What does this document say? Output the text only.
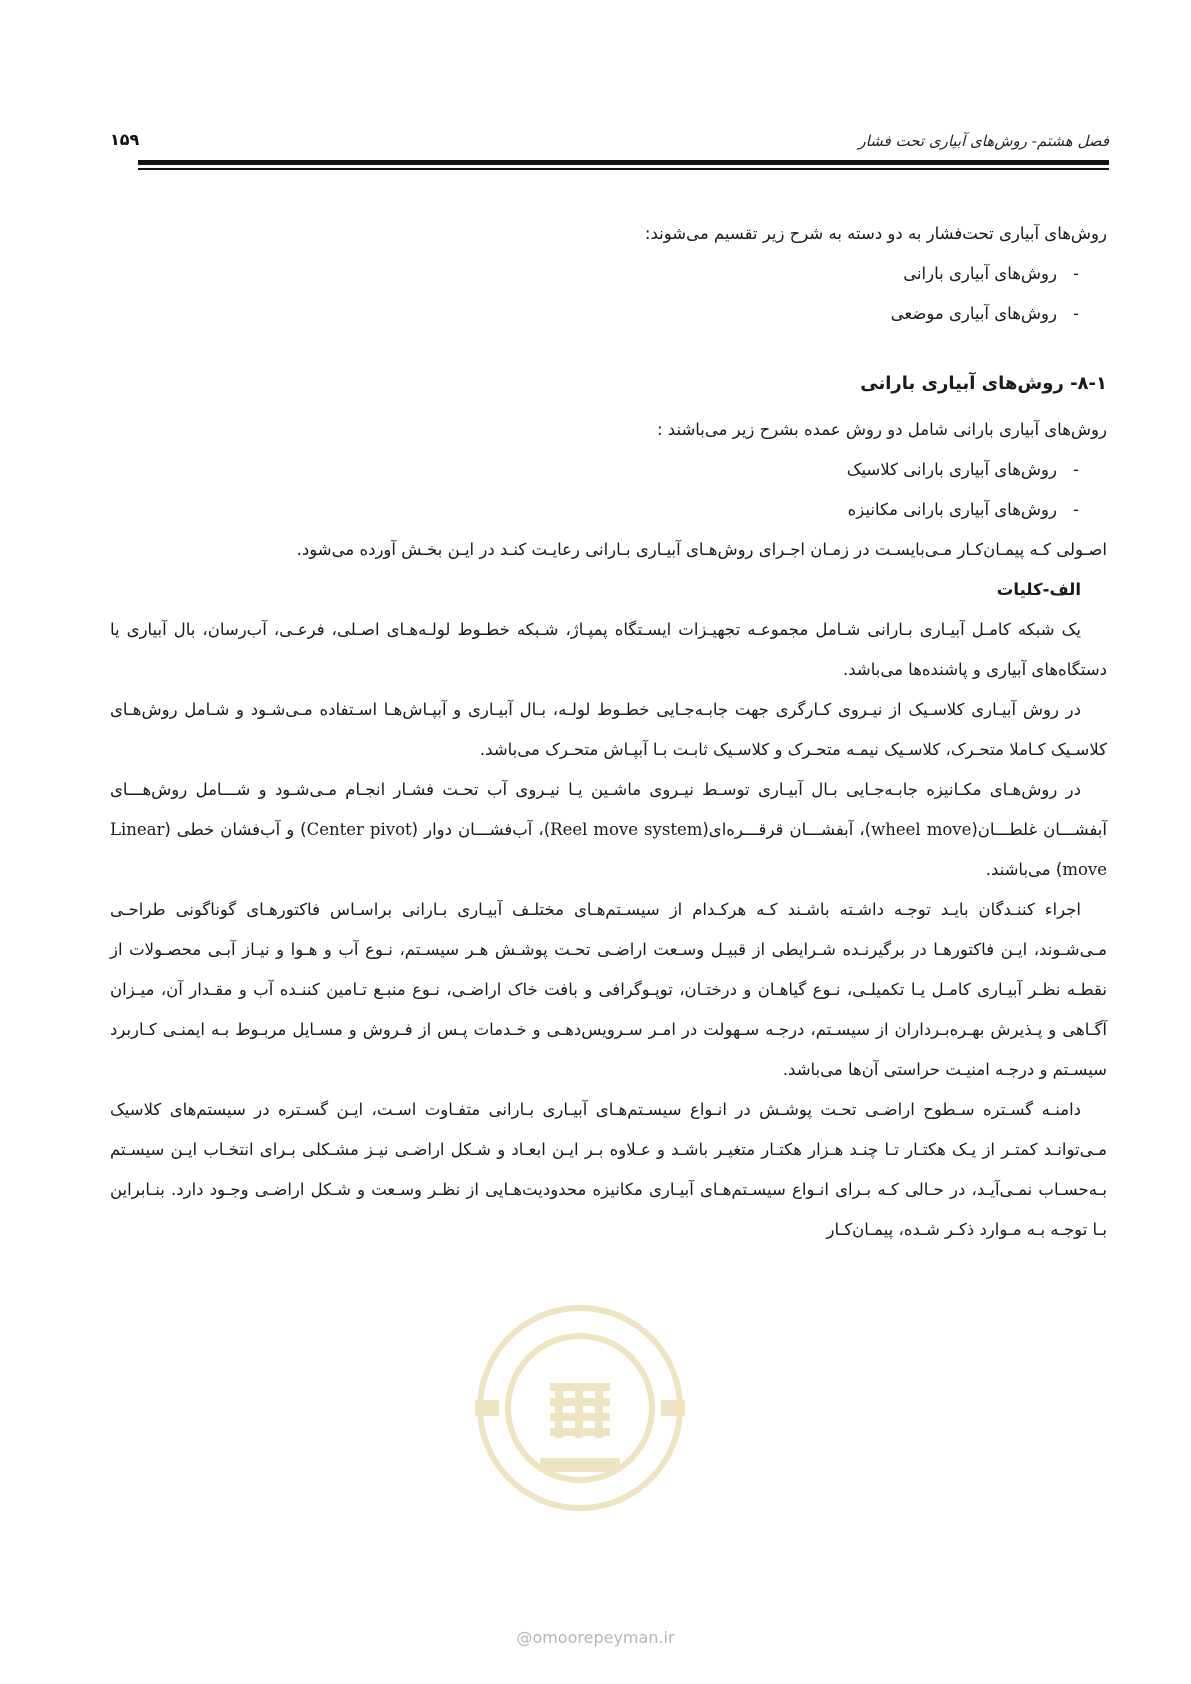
فصل هشتم- روش‌های آبیاری تحت فشار
۱۵۹

روش‌های آبیاری تحت‌فشار به دو دسته به شرح زیر تقسیم می‌شوند:

-روش‌های آبیاری بارانی

-روش‌های آبیاری موضعی

۸-۱- روش‌های آبیاری بارانی

روش‌های آبیاری بارانی شامل دو روش عمده بشرح زیر می‌باشند :

-روش‌های آبیاری بارانی کلاسیک

-روش‌های آبیاری بارانی مکانیزه

اصـولی کـه پیمـان‌کـار مـی‌بایسـت در زمـان اجـرای روش‌هـای آبیـاری بـارانی رعایـت کنـد در ایـن بخـش آورده می‌شود.

الف-کلیات

یک شبکه کامـل آبیـاری بـارانی شـامل مجموعـه تجهیـزات ایسـتگاه پمپـاژ، شـبکه خطـوط لولـه‌هـای اصـلی، فرعـی، آب‌رسان، بال آبیاری یا دستگاه‌های آبیاری و پاشنده‌ها می‌باشد.

در روش آبیـاری کلاسـیک از نیـروی کـارگری جهت جابـه‌جـایی خطـوط لولـه، بـال آبیـاری و آبپـاش‌هـا اسـتفاده مـی‌شـود و شـامل روش‌هـای کلاسـیک کـاملا متحـرک، کلاسـیک نیمـه متحـرک و کلاسـیک ثابـت بـا آبپـاش متحـرک می‌باشد.

در روش‌هـای مکـانیزه جابـه‌جـایی بـال آبیـاری توسـط نیـروی ماشـین یـا نیـروی آب تحـت فشـار انجـام مـی‌شـود و شـــامل روش‌هـــای آبفشـــان غلطـــان(wheel move)، آبفشـــان قرقـــره‌ای(Reel move system)، آب‌فشـــان دوار (Center pivot) و آب‌فشان خطی (Linear move) می‌باشند.

اجراء کننـدگان بایـد توجـه داشـته باشـند کـه هرکـدام از سیسـتم‌هـای مختلـف آبیـاری بـارانی براسـاس فاکتورهـای گوناگونی طراحـی مـی‌شـوند، ایـن فاکتورهـا در برگیرنـده شـرایطی از قبیـل وسـعت اراضـی تحـت پوشـش هـر سیسـتم، نـوع آب و هـوا و نیـاز آبـی محصـولات از نقطـه نظـر آبیـاری کامـل یـا تکمیلـی، نـوع گیاهـان و درختـان، توپـوگرافی و بافت خاک اراضـی، نـوع منبـع تـامین کننـده آب و مقـدار آن، میـزان آگـاهی و پـذیرش بهـره‌بـرداران از سیسـتم، درجـه سـهولت در امـر سـرویس‌دهـی و خـدمات پـس از فـروش و مسـایل مربـوط بـه ایمنـی کـاربرد سیسـتم و درجـه امنیـت حراستی آن‌ها می‌باشد.

دامنـه گسـتره سـطوح اراضـی تحـت پوشـش در انـواع سیسـتم‌هـای آبیـاری بـارانی متفـاوت اسـت، ایـن گسـتره در سیستم‌های کلاسیک مـی‌توانـد کمتـر از یـک هکتـار تـا چنـد هـزار هکتـار متغیـر باشـد و عـلاوه بـر ایـن ابعـاد و شـکل اراضـی نیـز مشـکلی بـرای انتخـاب ایـن سیسـتم بـه‌حسـاب نمـی‌آیـد، در حـالی کـه بـرای انـواع سیسـتم‌هـای آبیـاری مکانیزه محدودیت‌هـایی از نظـر وسـعت و شـکل اراضـی وجـود دارد. بنـابراین بـا توجـه بـه مـوارد ذکـر شـده، پیمـان‌کـار

@omoorepeyman.ir
